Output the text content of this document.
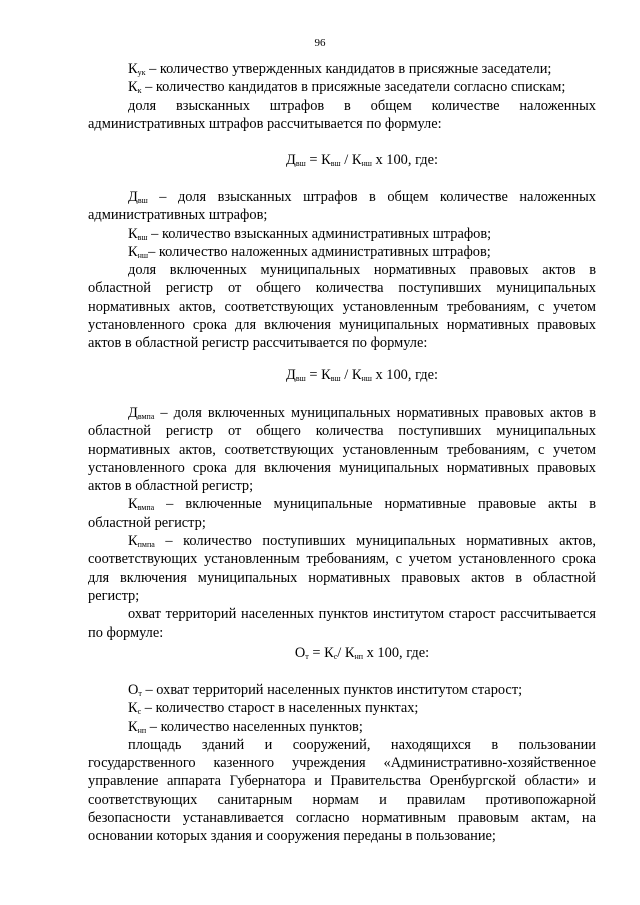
96

$К_{ук}$ – количество утвержденных кандидатов в присяжные заседатели;

$К_к$ – количество кандидатов в присяжные заседатели согласно спискам;

доля взысканных штрафов в общем количестве наложенных административных штрафов рассчитывается по формуле:

$Д_{вш} = К_{вш} / К_{нш}$ х 100, где:

$Д_{вш}$ – доля взысканных штрафов в общем количестве наложенных административных штрафов;

$К_{вш}$ – количество взысканных административных штрафов;

$К_{нш}-$ количество наложенных административных штрафов;

доля включенных муниципальных нормативных правовых актов в областной регистр от общего количества поступивших муниципальных нормативных актов, соответствующих установленным требованиям, с учетом установленного срока для включения муниципальных нормативных правовых актов в областной регистр рассчитывается по формуле:

$Д_{вш} = К_{вш} / К_{нш}$ х 100, где:

$Д_{вмпа}$ – доля включенных муниципальных нормативных правовых актов в областной регистр от общего количества поступивших муниципальных нормативных актов, соответствующих установленным требованиям, с учетом установленного срока для включения муниципальных нормативных правовых актов в областной регистр;

$К_{вмпа}$ – включенные муниципальные нормативные правовые акты в областной регистр;

$К_{пмпа}$ – количество поступивших муниципальных нормативных актов, соответствующих установленным требованиям, с учетом установленного срока для включения муниципальных нормативных правовых актов в областной регистр;

охват территорий населенных пунктов институтом старост рассчитывается по формуле:

$О_т = К_с/$ $К_{нп}$ х 100, где:

$О_т$ – охват территорий населенных пунктов институтом старост;

$К_с$ – количество старост в населенных пунктах;

$К_{нп}$ – количество населенных пунктов;

площадь зданий и сооружений, находящихся в пользовании государственного казенного учреждения «Административно-хозяйственное управление аппарата Губернатора и Правительства Оренбургской области» и соответствующих санитарным нормам и правилам противопожарной безопасности устанавливается согласно нормативным правовым актам, на основании которых здания и сооружения переданы в пользование;
